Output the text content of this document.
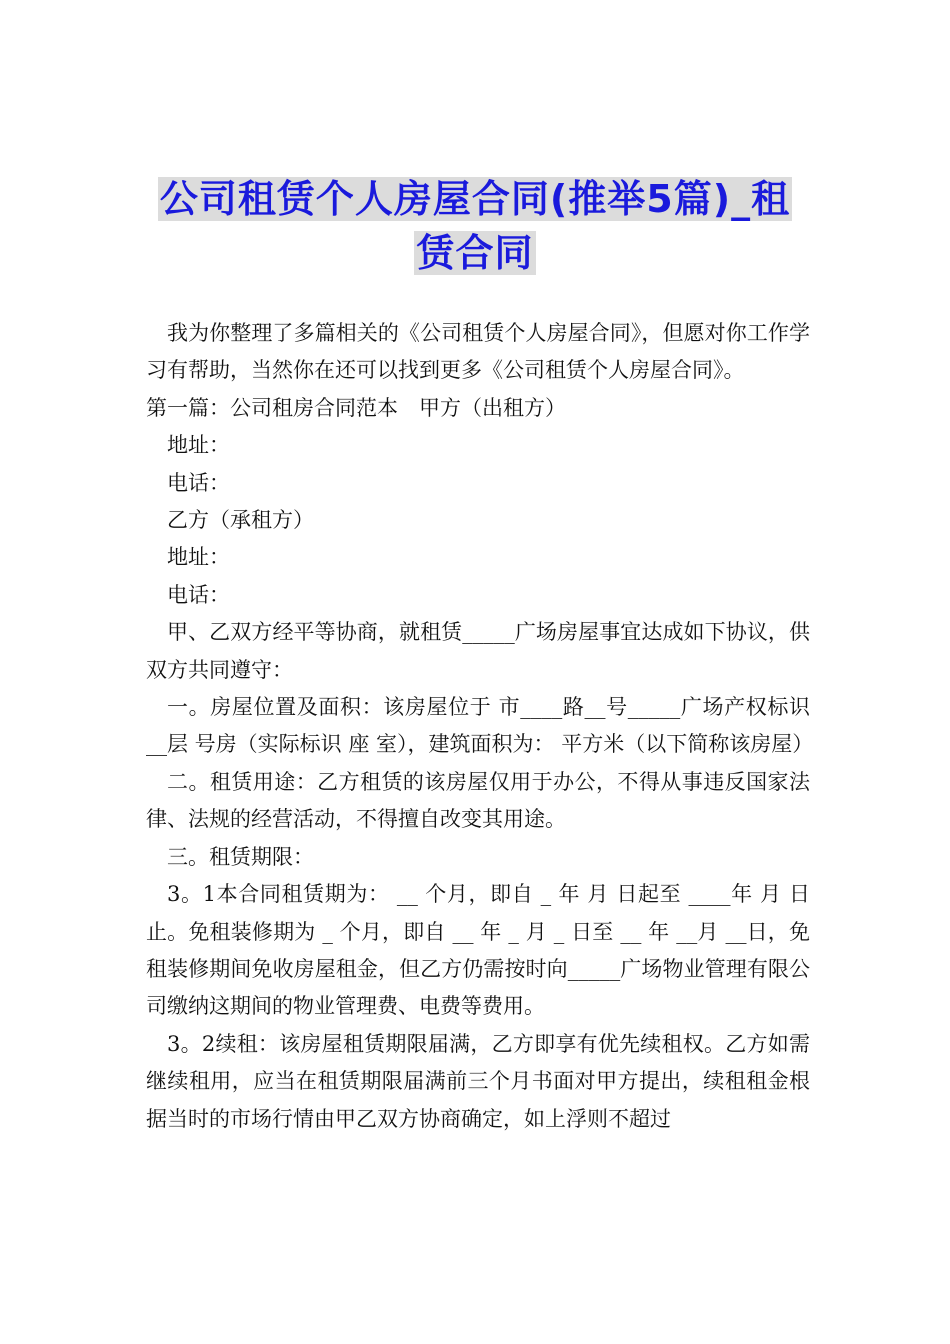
公司租赁个人房屋合同(推举5篇)_租
赁合同

我为你整理了多篇相关的《公司租赁个人房屋合同》，但愿对你工作学习有帮助，当然你在还可以找到更多《公司租赁个人房屋合同》。

第一篇：公司租房合同范本　甲方（出租方）

地址：

电话：

乙方（承租方）

地址：

电话：

甲、乙双方经平等协商，就租赁_____广场房屋事宜达成如下协议，供双方共同遵守：

一。房屋位置及面积：该房屋位于 市____路__号_____广场产权标识 __层 号房（实际标识 座 室），建筑面积为： 平方米（以下简称该房屋）

二。租赁用途：乙方租赁的该房屋仅用于办公，不得从事违反国家法律、法规的经营活动，不得擅自改变其用途。

三。租赁期限：

3。1本合同租赁期为： __ 个月，即自 _ 年 月 日起至 ____年 月 日止。免租装修期为 _ 个月，即自 __ 年 _ 月 _ 日至 __ 年 __月 __日，免租装修期间免收房屋租金，但乙方仍需按时向_____广场物业管理有限公司缴纳这期间的物业管理费、电费等费用。

3。2续租：该房屋租赁期限届满，乙方即享有优先续租权。乙方如需继续租用，应当在租赁期限届满前三个月书面对甲方提出，续租租金根据当时的市场行情由甲乙双方协商确定，如上浮则不超过
